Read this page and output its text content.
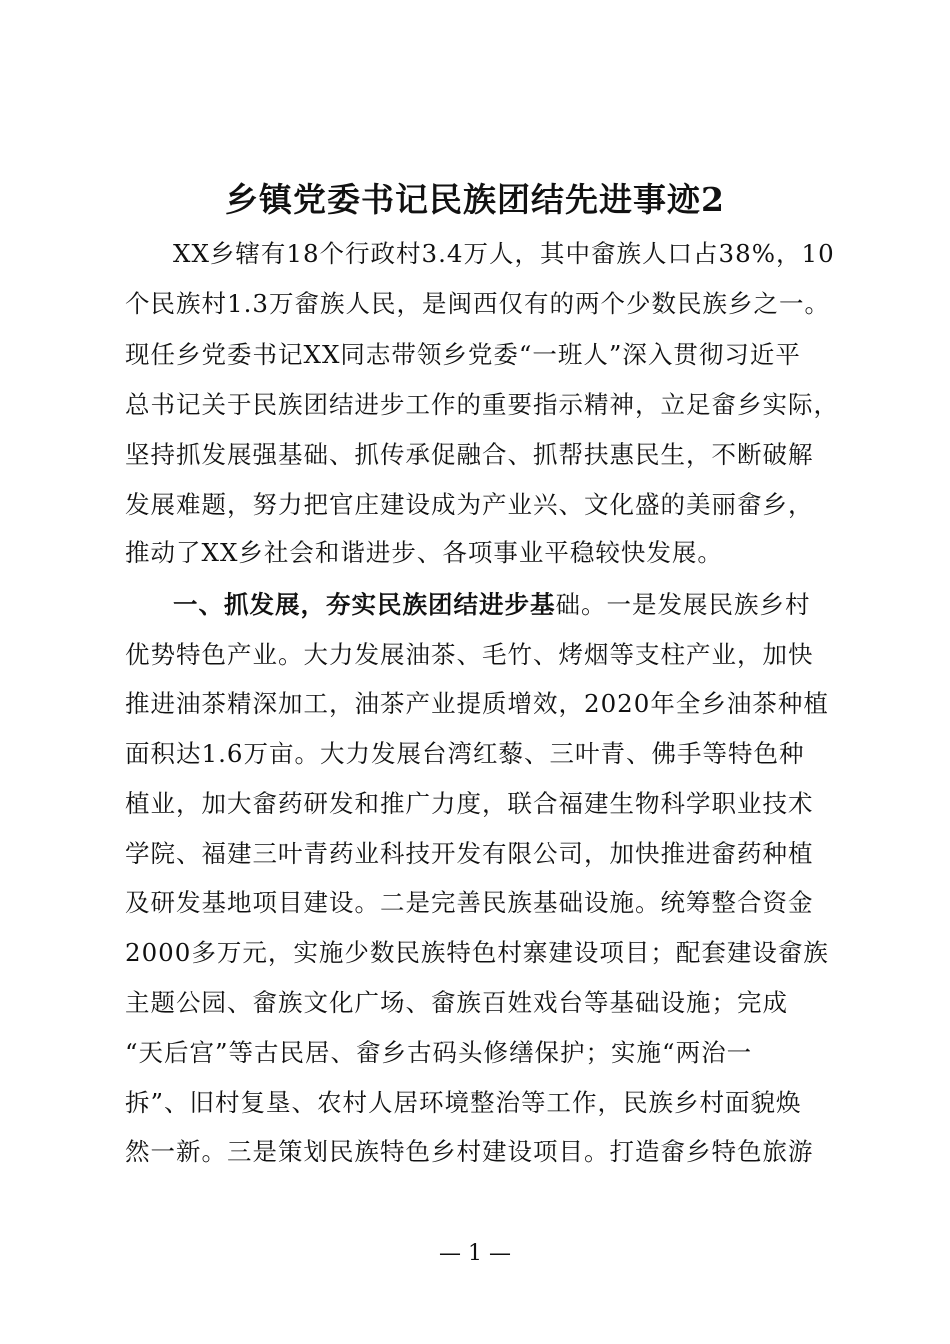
乡镇党委书记民族团结先进事迹2
XX乡辖有18个行政村3.4万人，其中畲族人口占38%，10
个民族村1.3万畲族人民，是闽西仅有的两个少数民族乡之一。
现任乡党委书记XX同志带领乡党委“一班人”深入贯彻习近平
总书记关于民族团结进步工作的重要指示精神，立足畲乡实际，
坚持抓发展强基础、抓传承促融合、抓帮扶惠民生，不断破解
发展难题，努力把官庄建设成为产业兴、文化盛的美丽畲乡，
推动了XX乡社会和谐进步、各项事业平稳较快发展。
一、抓发展，夯实民族团结进步基础。一是发展民族乡村
优势特色产业。大力发展油茶、毛竹、烤烟等支柱产业，加快
推进油茶精深加工，油茶产业提质增效，2020年全乡油茶种植
面积达1.6万亩。大力发展台湾红藜、三叶青、佛手等特色种
植业，加大畲药研发和推广力度，联合福建生物科学职业技术
学院、福建三叶青药业科技开发有限公司，加快推进畲药种植
及研发基地项目建设。二是完善民族基础设施。统筹整合资金
2000多万元，实施少数民族特色村寨建设项目；配套建设畲族
主题公园、畲族文化广场、畲族百姓戏台等基础设施；完成
“天后宫”等古民居、畲乡古码头修缮保护；实施“两治一
拆”、旧村复垦、农村人居环境整治等工作，民族乡村面貌焕
然一新。三是策划民族特色乡村建设项目。打造畲乡特色旅游
— 1 —
